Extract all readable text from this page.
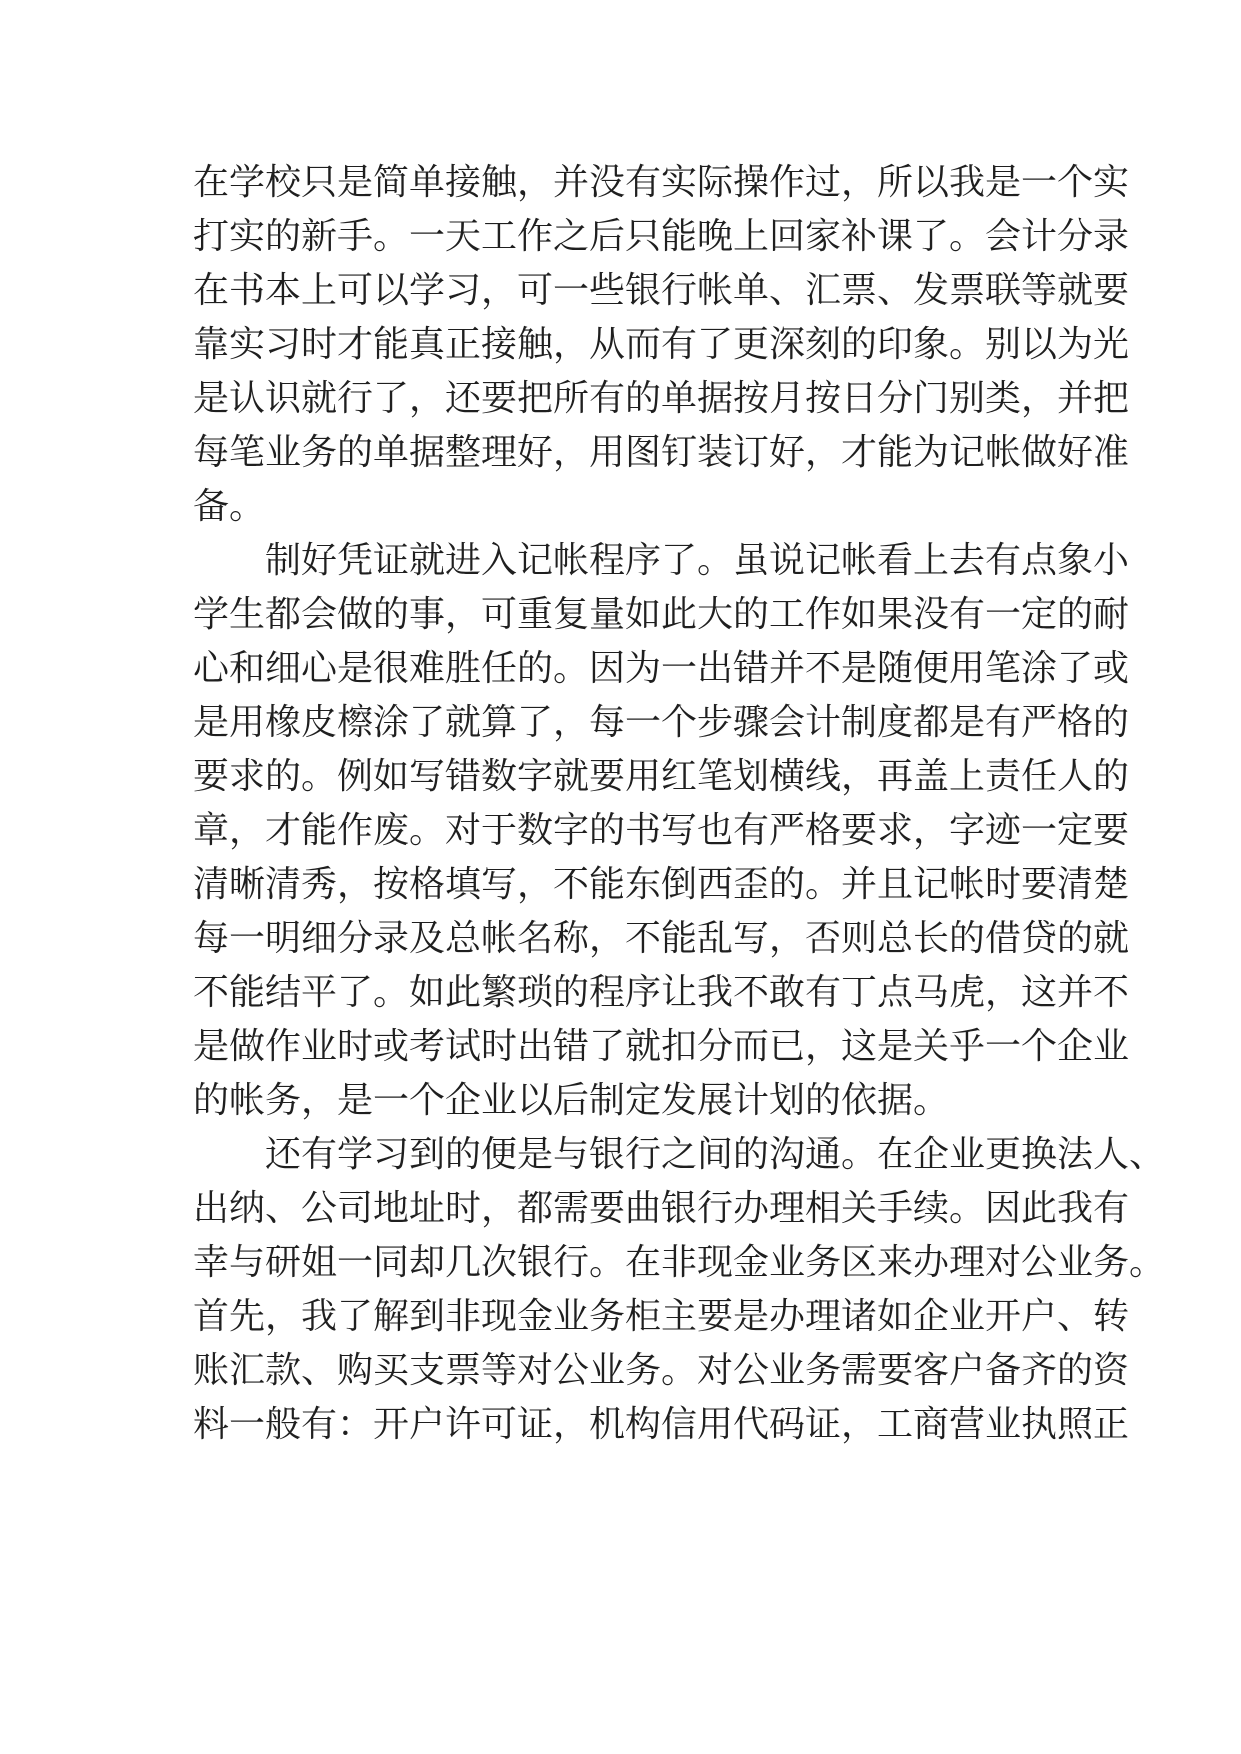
在学校只是简单接触，并没有实际操作过，所以我是一个实
打实的新手。一天工作之后只能晚上回家补课了。会计分录
在书本上可以学习，可一些银行帐单、汇票、发票联等就要
靠实习时才能真正接触，从而有了更深刻的印象。别以为光
是认识就行了，还要把所有的单据按月按日分门别类，并把
每笔业务的单据整理好，用图钉装订好，才能为记帐做好准
备。
制好凭证就进入记帐程序了。虽说记帐看上去有点象小
学生都会做的事，可重复量如此大的工作如果没有一定的耐
心和细心是很难胜任的。因为一出错并不是随便用笔涂了或
是用橡皮檫涂了就算了，每一个步骤会计制度都是有严格的
要求的。例如写错数字就要用红笔划横线，再盖上责任人的
章，才能作废。对于数字的书写也有严格要求，字迹一定要
清晰清秀，按格填写，不能东倒西歪的。并且记帐时要清楚
每一明细分录及总帐名称，不能乱写，否则总长的借贷的就
不能结平了。如此繁琐的程序让我不敢有丁点马虎，这并不
是做作业时或考试时出错了就扣分而已，这是关乎一个企业
的帐务，是一个企业以后制定发展计划的依据。
还有学习到的便是与银行之间的沟通。在企业更换法人、
出纳、公司地址时，都需要曲银行办理相关手续。因此我有
幸与研姐一同却几次银行。在非现金业务区来办理对公业务。
首先，我了解到非现金业务柜主要是办理诸如企业开户、转
账汇款、购买支票等对公业务。对公业务需要客户备齐的资
料一般有：开户许可证，机构信用代码证，工商营业执照正
